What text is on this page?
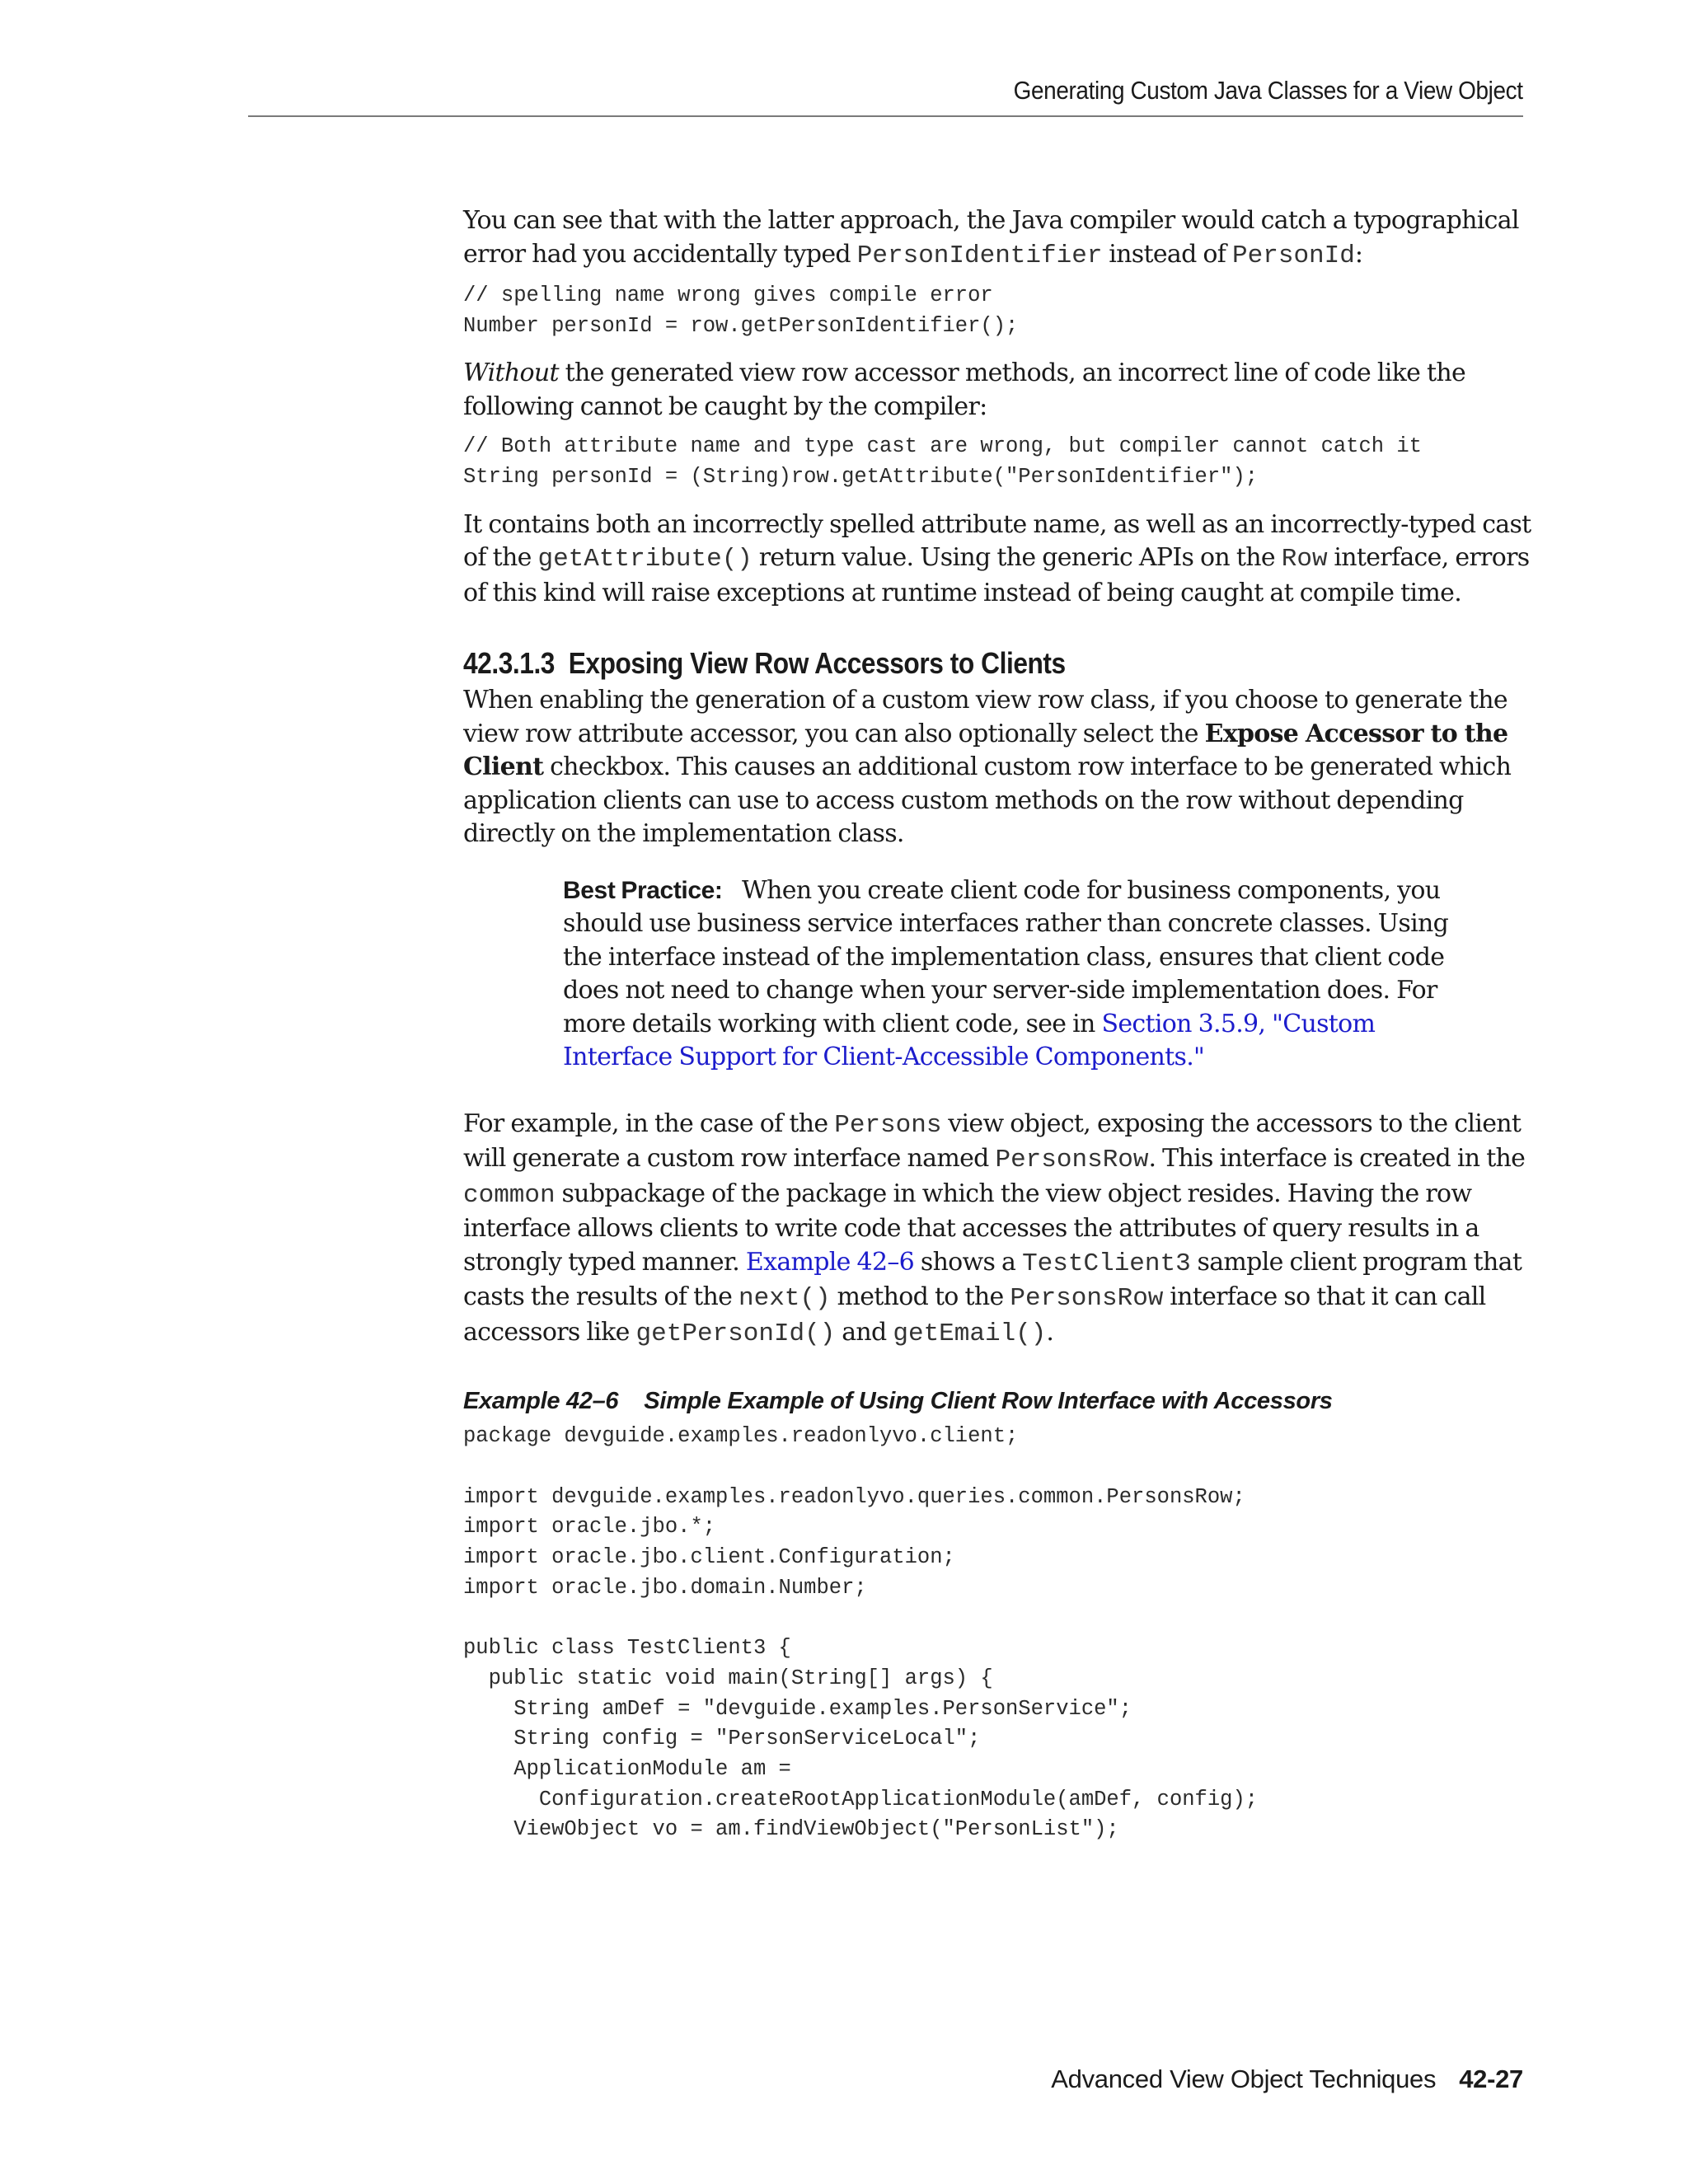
Generating Custom Java Classes for a View Object

You can see that with the latter approach, the Java compiler would catch a typographical error had you accidentally typed PersonIdentifier instead of PersonId:

// spelling name wrong gives compile error
Number personId = row.getPersonIdentifier();

Without the generated view row accessor methods, an incorrect line of code like the following cannot be caught by the compiler:

// Both attribute name and type cast are wrong, but compiler cannot catch it
String personId = (String)row.getAttribute("PersonIdentifier");

It contains both an incorrectly spelled attribute name, as well as an incorrectly-typed cast of the getAttribute() return value. Using the generic APIs on the Row interface, errors of this kind will raise exceptions at runtime instead of being caught at compile time.

42.3.1.3 Exposing View Row Accessors to Clients

When enabling the generation of a custom view row class, if you choose to generate the view row attribute accessor, you can also optionally select the Expose Accessor to the Client checkbox. This causes an additional custom row interface to be generated which application clients can use to access custom methods on the row without depending directly on the implementation class.

Best Practice: When you create client code for business components, you should use business service interfaces rather than concrete classes. Using the interface instead of the implementation class, ensures that client code does not need to change when your server-side implementation does. For more details working with client code, see in Section 3.5.9, "Custom Interface Support for Client-Accessible Components."

For example, in the case of the Persons view object, exposing the accessors to the client will generate a custom row interface named PersonsRow. This interface is created in the common subpackage of the package in which the view object resides. Having the row interface allows clients to write code that accesses the attributes of query results in a strongly typed manner. Example 42–6 shows a TestClient3 sample client program that casts the results of the next() method to the PersonsRow interface so that it can call accessors like getPersonId() and getEmail().

Example 42–6 Simple Example of Using Client Row Interface with Accessors

package devguide.examples.readonlyvo.client;

import devguide.examples.readonlyvo.queries.common.PersonsRow;
import oracle.jbo.*;
import oracle.jbo.client.Configuration;
import oracle.jbo.domain.Number;

public class TestClient3 {
public static void main(String[] args) {
String amDef = "devguide.examples.PersonService";
String config = "PersonServiceLocal";
ApplicationModule am =
Configuration.createRootApplicationModule(amDef, config);
ViewObject vo = am.findViewObject("PersonList");
Advanced View Object Techniques 42-27
